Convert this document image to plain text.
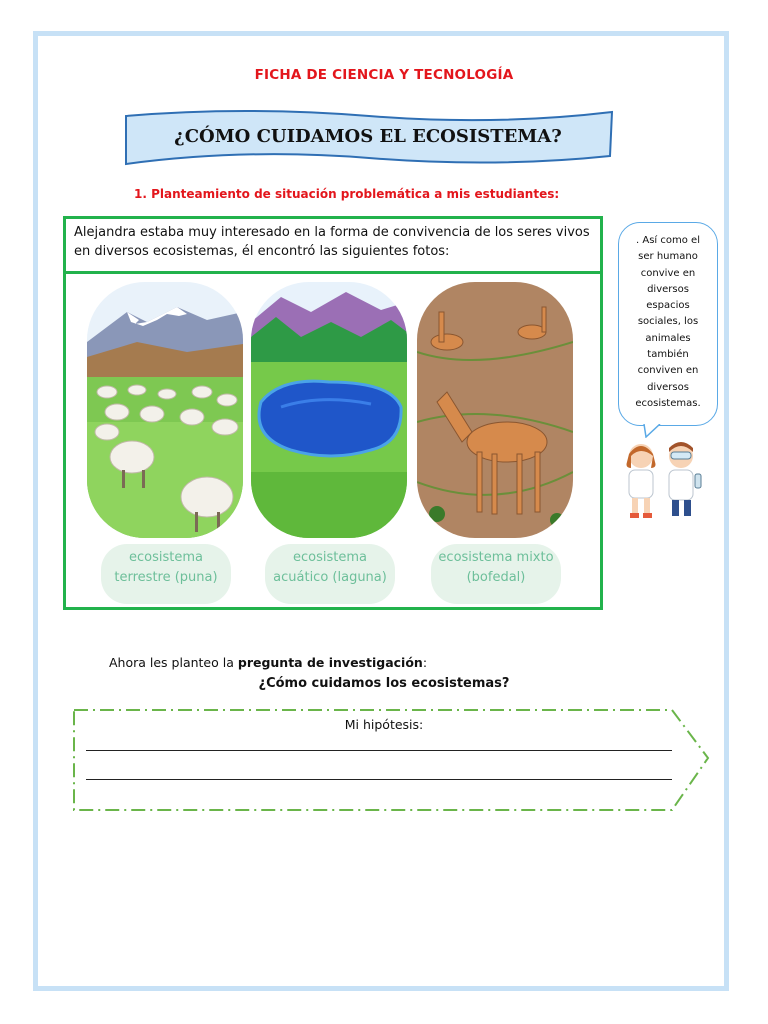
FICHA DE CIENCIA Y TECNOLOGÍA
¿CÓMO CUIDAMOS EL ECOSISTEMA?
1. Planteamiento de situación problemática a mis estudiantes:
Alejandra estaba muy interesado en la forma de convivencia de los seres vivos
en diversos ecosistemas, él encontró las siguientes fotos:
ecosistema
terrestre (puna)
ecosistema
acuático (laguna)
ecosistema mixto
(bofedal)
. Así como el
ser humano
convive en
diversos
espacios
sociales, los
animales
también
conviven en
diversos
ecosistemas.
Ahora les planteo la pregunta de investigación:
¿Cómo cuidamos los ecosistemas?
Mi hipótesis:
